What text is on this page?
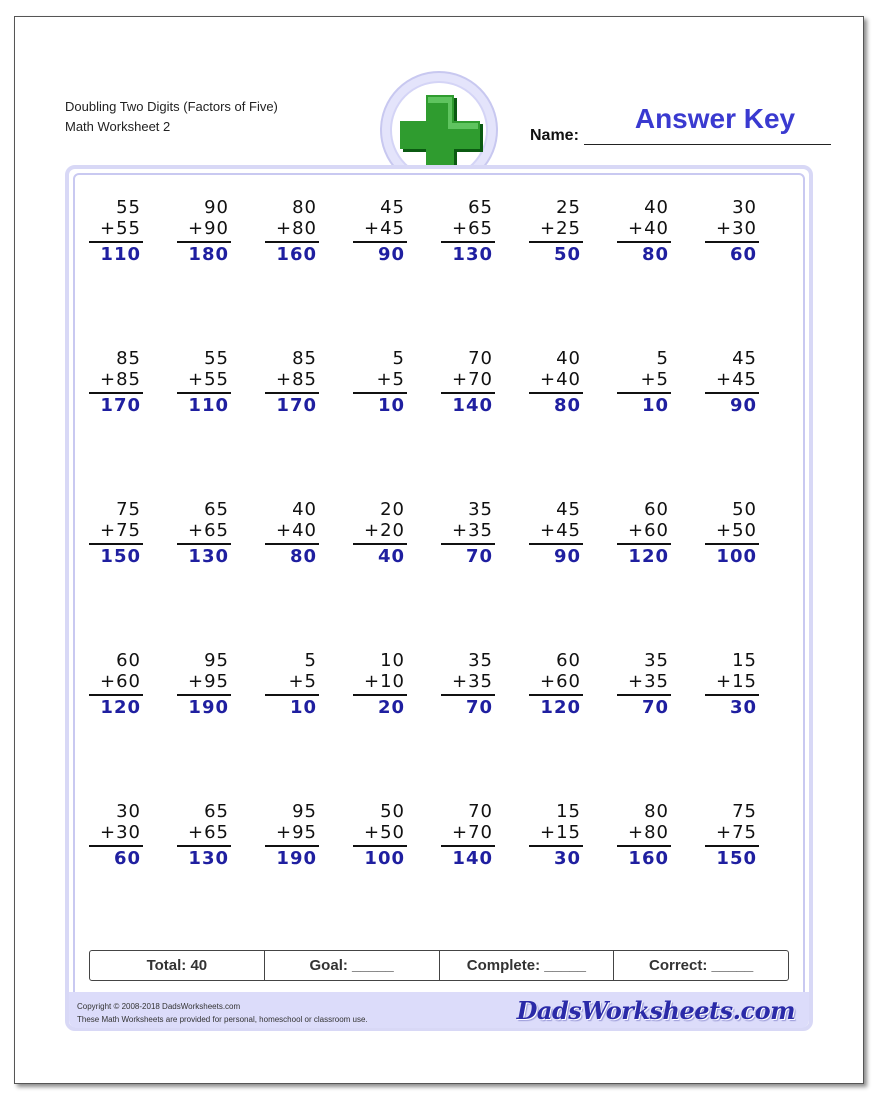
Doubling Two Digits (Factors of Five)
Math Worksheet 2
Name:
Answer Key
55
+55
110
90
+90
180
80
+80
160
45
+45
90
65
+65
130
25
+25
50
40
+40
80
30
+30
60
85
+85
170
55
+55
110
85
+85
170
5
+5
10
70
+70
140
40
+40
80
5
+5
10
45
+45
90
75
+75
150
65
+65
130
40
+40
80
20
+20
40
35
+35
70
45
+45
90
60
+60
120
50
+50
100
60
+60
120
95
+95
190
5
+5
10
10
+10
20
35
+35
70
60
+60
120
35
+35
70
15
+15
30
30
+30
60
65
+65
130
95
+95
190
50
+50
100
70
+70
140
15
+15
30
80
+80
160
75
+75
150
Total: 40	Goal: _____	Complete: _____	Correct: _____
Copyright © 2008-2018 DadsWorksheets.com
These Math Worksheets are provided for personal, homeschool or classroom use.	DadsWorksheets.com
